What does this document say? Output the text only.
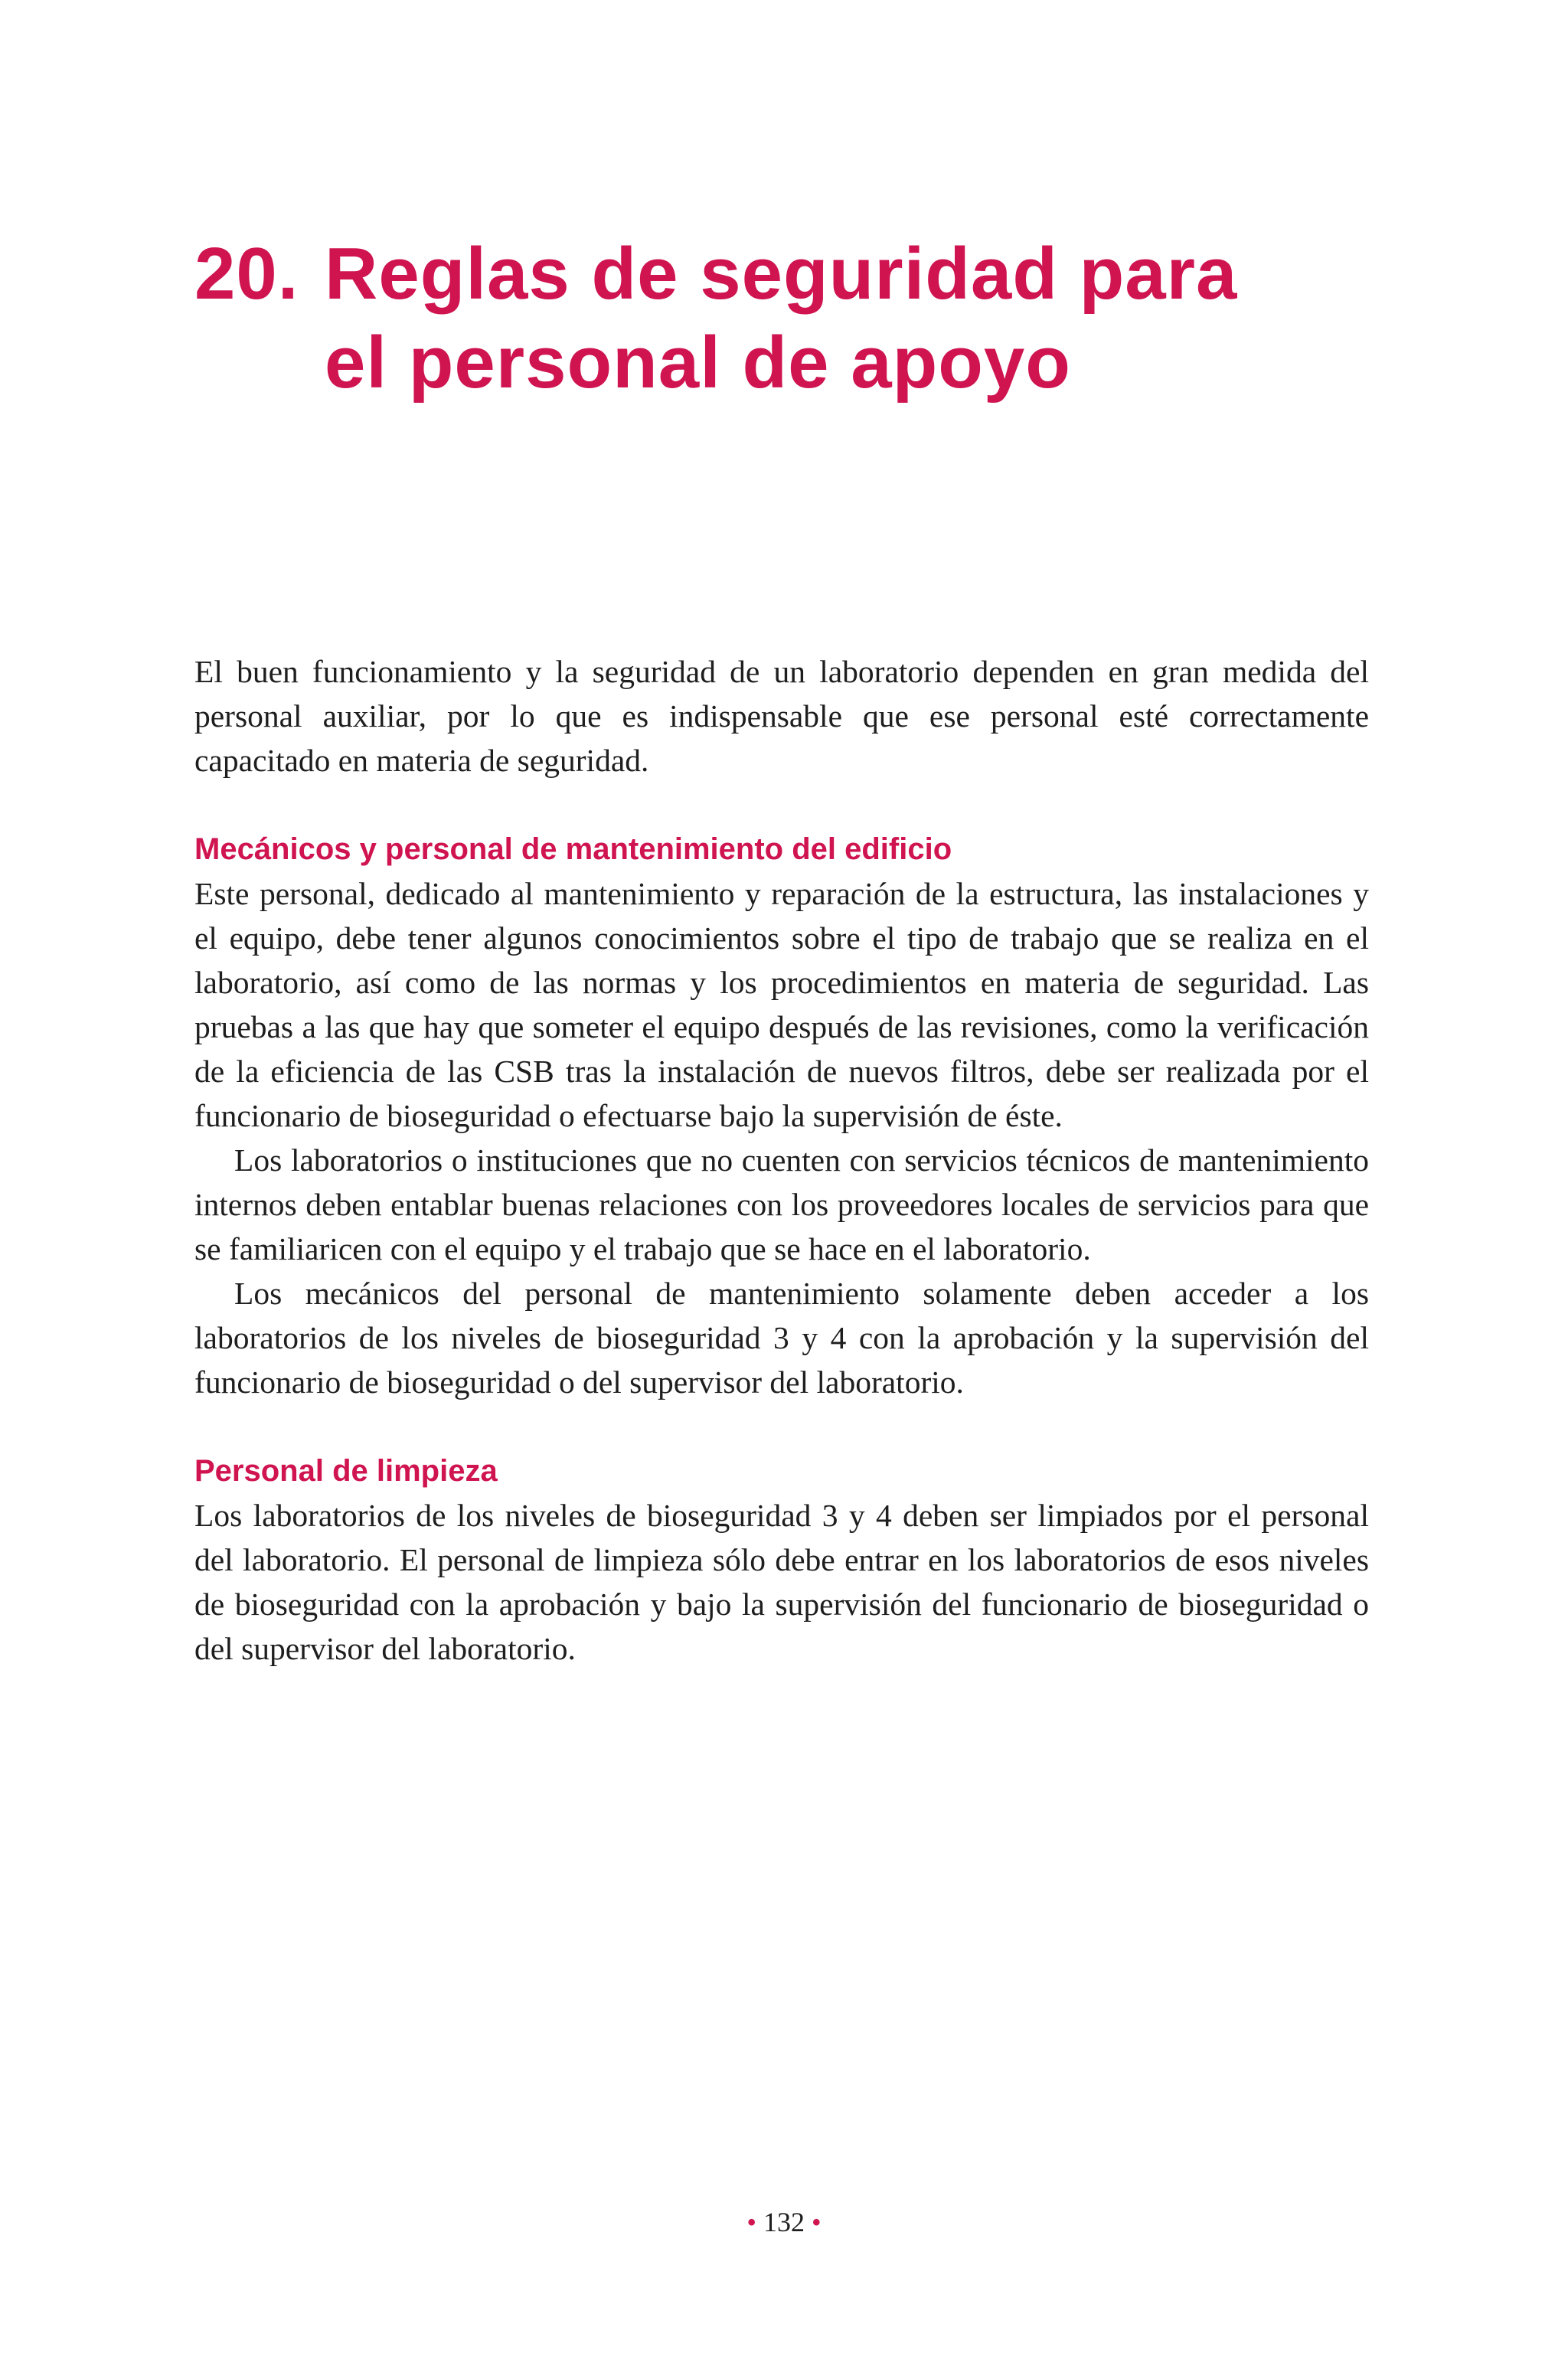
20. Reglas de seguridad para el personal de apoyo

El buen funcionamiento y la seguridad de un laboratorio dependen en gran medida del personal auxiliar, por lo que es indispensable que ese personal esté correctamente capacitado en materia de seguridad.

Mecánicos y personal de mantenimiento del edificio

Este personal, dedicado al mantenimiento y reparación de la estructura, las instalaciones y el equipo, debe tener algunos conocimientos sobre el tipo de trabajo que se realiza en el laboratorio, así como de las normas y los procedimientos en materia de seguridad. Las pruebas a las que hay que someter el equipo después de las revisiones, como la verificación de la eficiencia de las CSB tras la instalación de nuevos filtros, debe ser realizada por el funcionario de bioseguridad o efectuarse bajo la supervisión de éste.

Los laboratorios o instituciones que no cuenten con servicios técnicos de mantenimiento internos deben entablar buenas relaciones con los proveedores locales de servicios para que se familiaricen con el equipo y el trabajo que se hace en el laboratorio.

Los mecánicos del personal de mantenimiento solamente deben acceder a los laboratorios de los niveles de bioseguridad 3 y 4 con la aprobación y la supervisión del funcionario de bioseguridad o del supervisor del laboratorio.

Personal de limpieza

Los laboratorios de los niveles de bioseguridad 3 y 4 deben ser limpiados por el personal del laboratorio. El personal de limpieza sólo debe entrar en los laboratorios de esos niveles de bioseguridad con la aprobación y bajo la supervisión del funcionario de bioseguridad o del supervisor del laboratorio.

• 132 •
